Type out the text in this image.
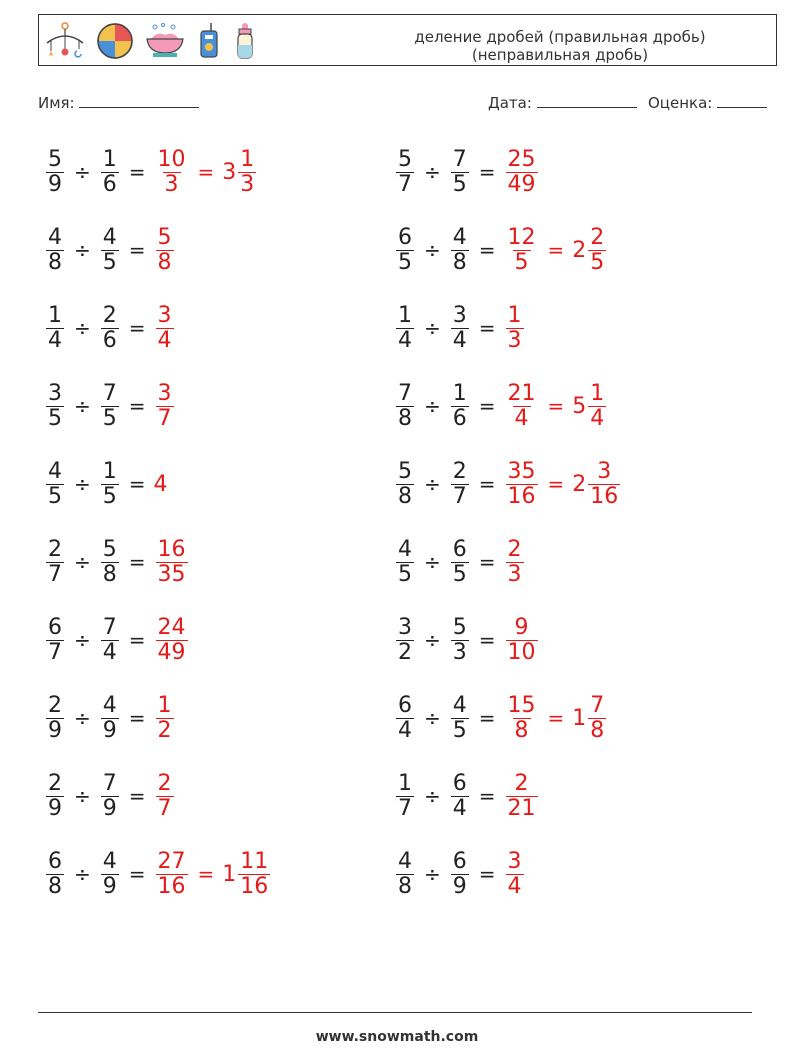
деление дробей (правильная дробь)
(неправильная дробь)
Имя:	Дата:	Оценка:
$\frac{5}{9} \div \frac{1}{6} = \frac{10}{3} = 3 \frac{1}{3}$	$\frac{5}{7} \div \frac{7}{5} = \frac{25}{49}$
$\frac{4}{8} \div \frac{4}{5} = \frac{5}{8}$	$\frac{6}{5} \div \frac{4}{8} = \frac{12}{5} = 2 \frac{2}{5}$
$\frac{1}{4} \div \frac{2}{6} = \frac{3}{4}$	$\frac{1}{4} \div \frac{3}{4} = \frac{1}{3}$
$\frac{3}{5} \div \frac{7}{5} = \frac{3}{7}$	$\frac{7}{8} \div \frac{1}{6} = \frac{21}{4} = 5 \frac{1}{4}$
$\frac{4}{5} \div \frac{1}{5} = 4$	$\frac{5}{8} \div \frac{2}{7} = \frac{35}{16} = 2 \frac{3}{16}$
$\frac{2}{7} \div \frac{5}{8} = \frac{16}{35}$	$\frac{4}{5} \div \frac{6}{5} = \frac{2}{3}$
$\frac{6}{7} \div \frac{7}{4} = \frac{24}{49}$	$\frac{3}{2} \div \frac{5}{3} = \frac{9}{10}$
$\frac{2}{9} \div \frac{4}{9} = \frac{1}{2}$	$\frac{6}{4} \div \frac{4}{5} = \frac{15}{8} = 1 \frac{7}{8}$
$\frac{2}{9} \div \frac{7}{9} = \frac{2}{7}$	$\frac{1}{7} \div \frac{6}{4} = \frac{2}{21}$
$\frac{6}{8} \div \frac{4}{9} = \frac{27}{16} = 1 \frac{11}{16}$	$\frac{4}{8} \div \frac{6}{9} = \frac{3}{4}$
www.snowmath.com
